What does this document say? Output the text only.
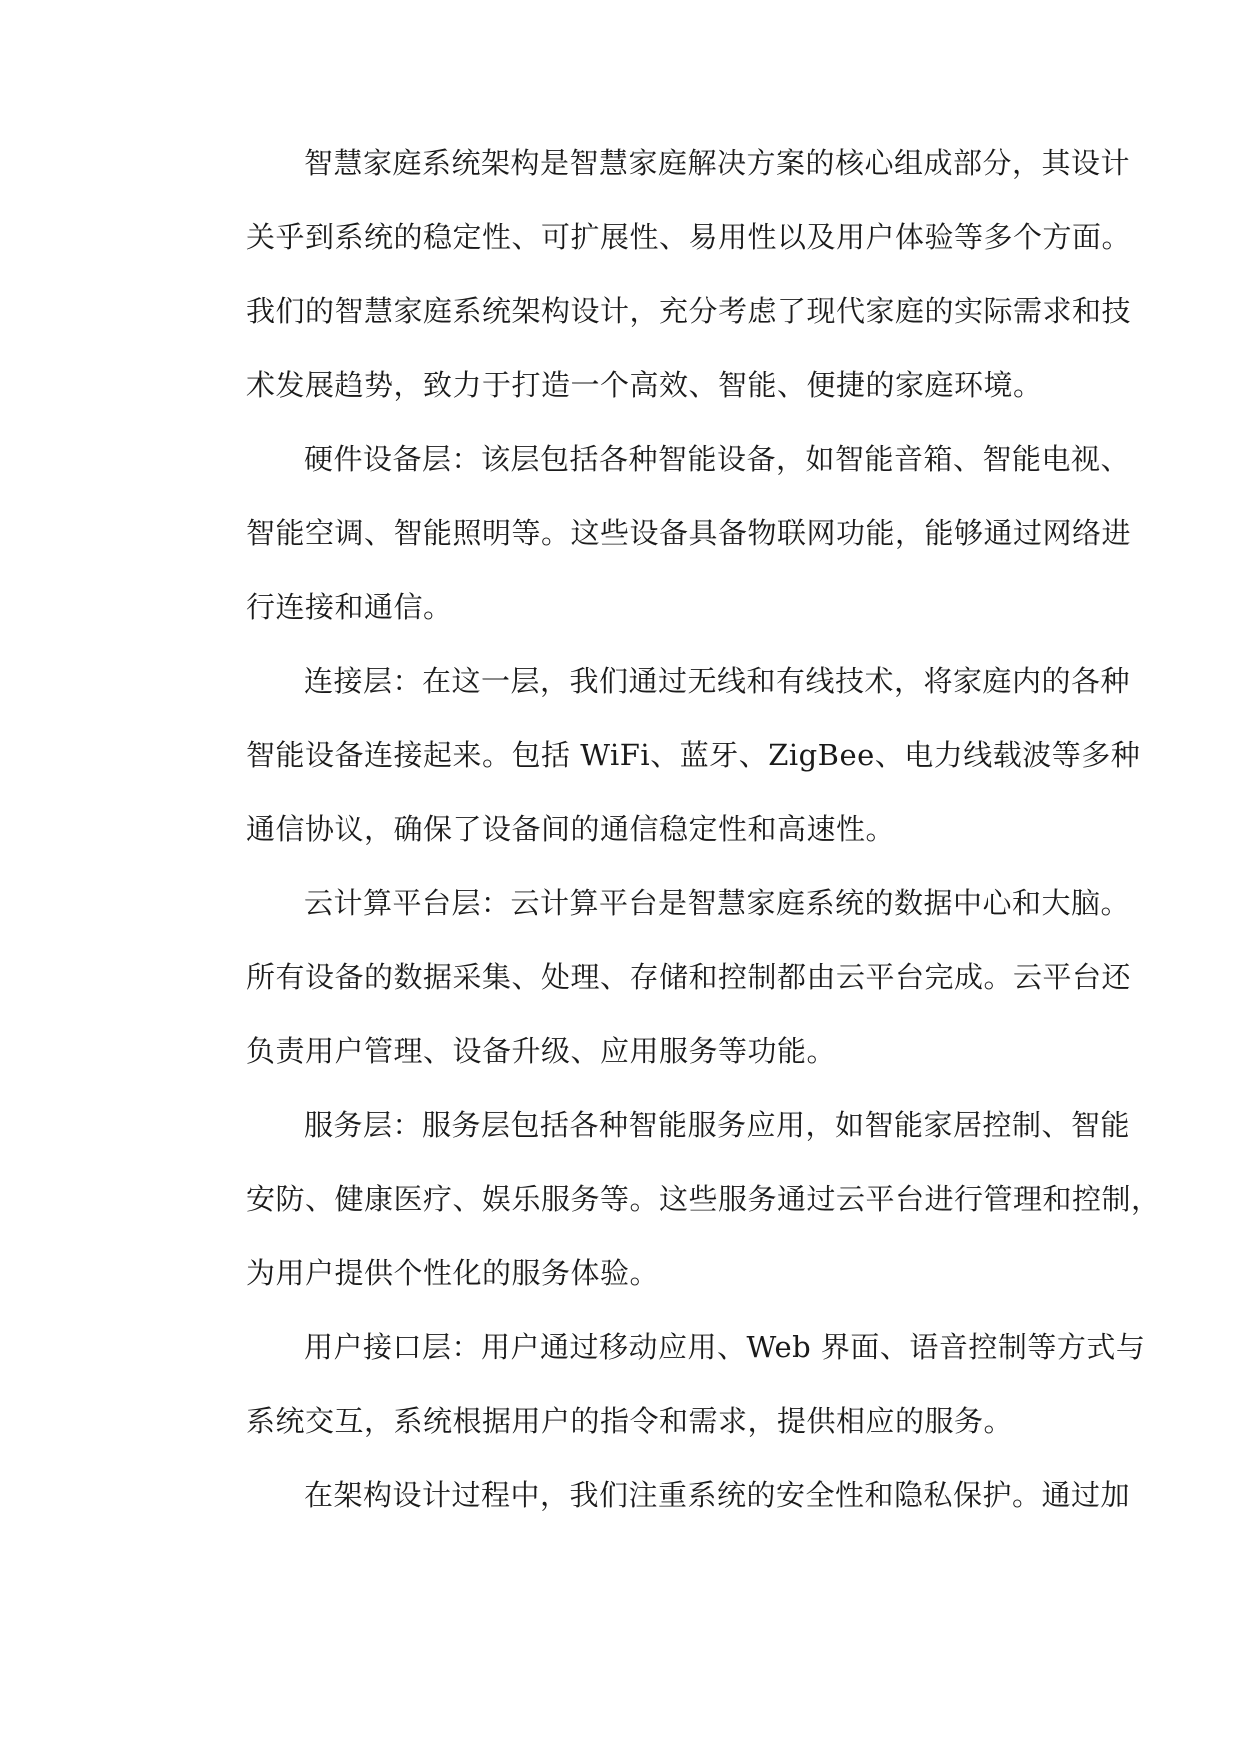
智慧家庭系统架构是智慧家庭解决方案的核心组成部分，其设计
关乎到系统的稳定性、可扩展性、易用性以及用户体验等多个方面。
我们的智慧家庭系统架构设计，充分考虑了现代家庭的实际需求和技
术发展趋势，致力于打造一个高效、智能、便捷的家庭环境。
硬件设备层：该层包括各种智能设备，如智能音箱、智能电视、
智能空调、智能照明等。这些设备具备物联网功能，能够通过网络进
行连接和通信。
连接层：在这一层，我们通过无线和有线技术，将家庭内的各种
智能设备连接起来。包括 WiFi、蓝牙、ZigBee、电力线载波等多种
通信协议，确保了设备间的通信稳定性和高速性。
云计算平台层：云计算平台是智慧家庭系统的数据中心和大脑。
所有设备的数据采集、处理、存储和控制都由云平台完成。云平台还
负责用户管理、设备升级、应用服务等功能。
服务层：服务层包括各种智能服务应用，如智能家居控制、智能
安防、健康医疗、娱乐服务等。这些服务通过云平台进行管理和控制，
为用户提供个性化的服务体验。
用户接口层：用户通过移动应用、Web 界面、语音控制等方式与
系统交互，系统根据用户的指令和需求，提供相应的服务。
在架构设计过程中，我们注重系统的安全性和隐私保护。通过加
